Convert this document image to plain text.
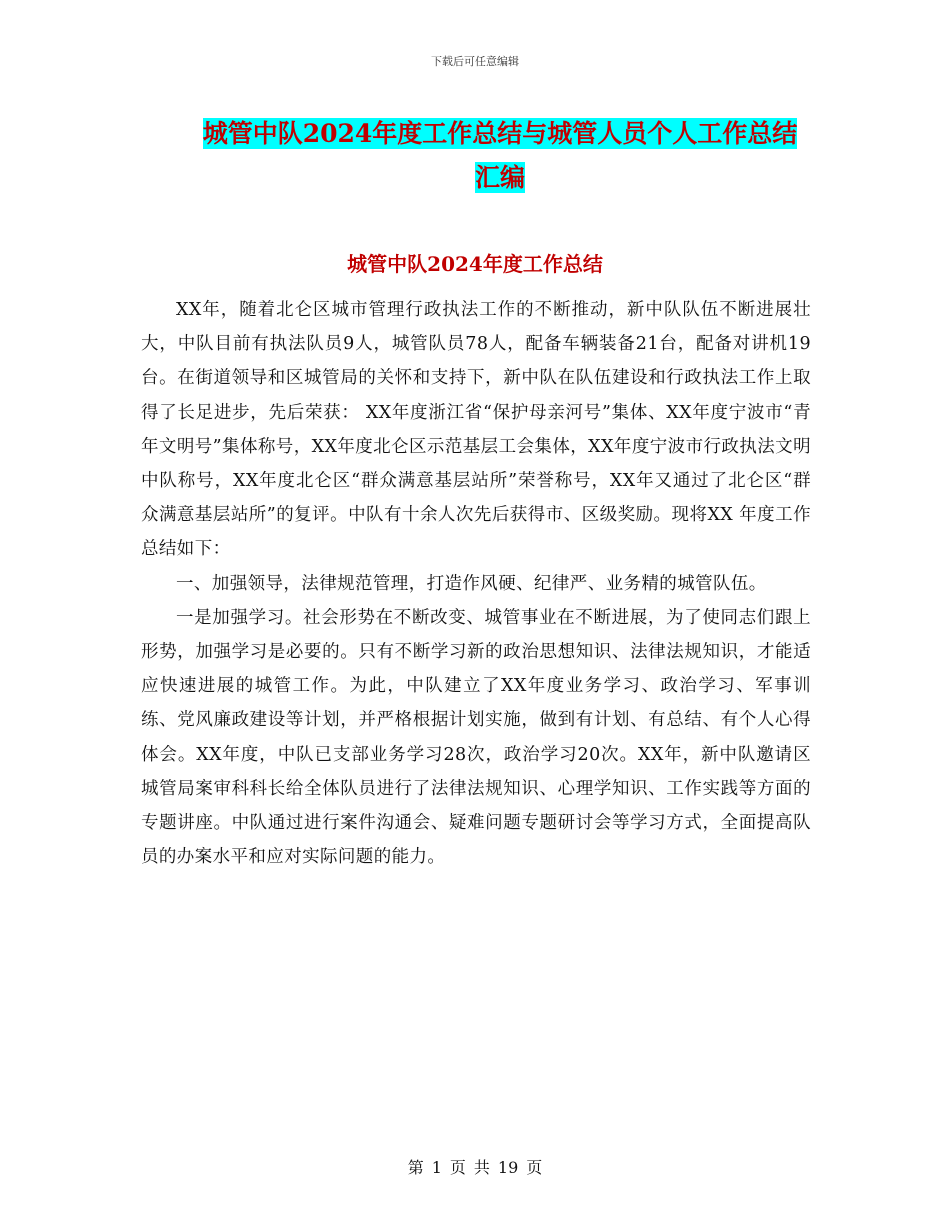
下载后可任意编辑
城管中队2024年度工作总结与城管人员个人工作总结
汇编
城管中队2024年度工作总结

XX年，随着北仑区城市管理行政执法工作的不断推动，新中队队伍不断进展壮大，中队目前有执法队员9人，城管队员78人，配备车辆装备21台，配备对讲机19台。在街道领导和区城管局的关怀和支持下，新中队在队伍建设和行政执法工作上取得了长足进步，先后荣获： XX年度浙江省“保护母亲河号”集体、XX年度宁波市“青年文明号”集体称号，XX年度北仑区示范基层工会集体，XX年度宁波市行政执法文明中队称号，XX年度北仑区“群众满意基层站所”荣誉称号，XX年又通过了北仑区“群众满意基层站所”的复评。中队有十余人次先后获得市、区级奖励。现将XX 年度工作总结如下：

一、加强领导，法律规范管理，打造作风硬、纪律严、业务精的城管队伍。

一是加强学习。社会形势在不断改变、城管事业在不断进展，为了使同志们跟上形势，加强学习是必要的。只有不断学习新的政治思想知识、法律法规知识，才能适应快速进展的城管工作。为此，中队建立了XX年度业务学习、政治学习、军事训练、党风廉政建设等计划，并严格根据计划实施，做到有计划、有总结、有个人心得体会。XX年度，中队已支部业务学习28次，政治学习20次。XX年，新中队邀请区城管局案审科科长给全体队员进行了法律法规知识、心理学知识、工作实践等方面的专题讲座。中队通过进行案件沟通会、疑难问题专题研讨会等学习方式，全面提高队员的办案水平和应对实际问题的能力。

第 1 页 共 19 页
